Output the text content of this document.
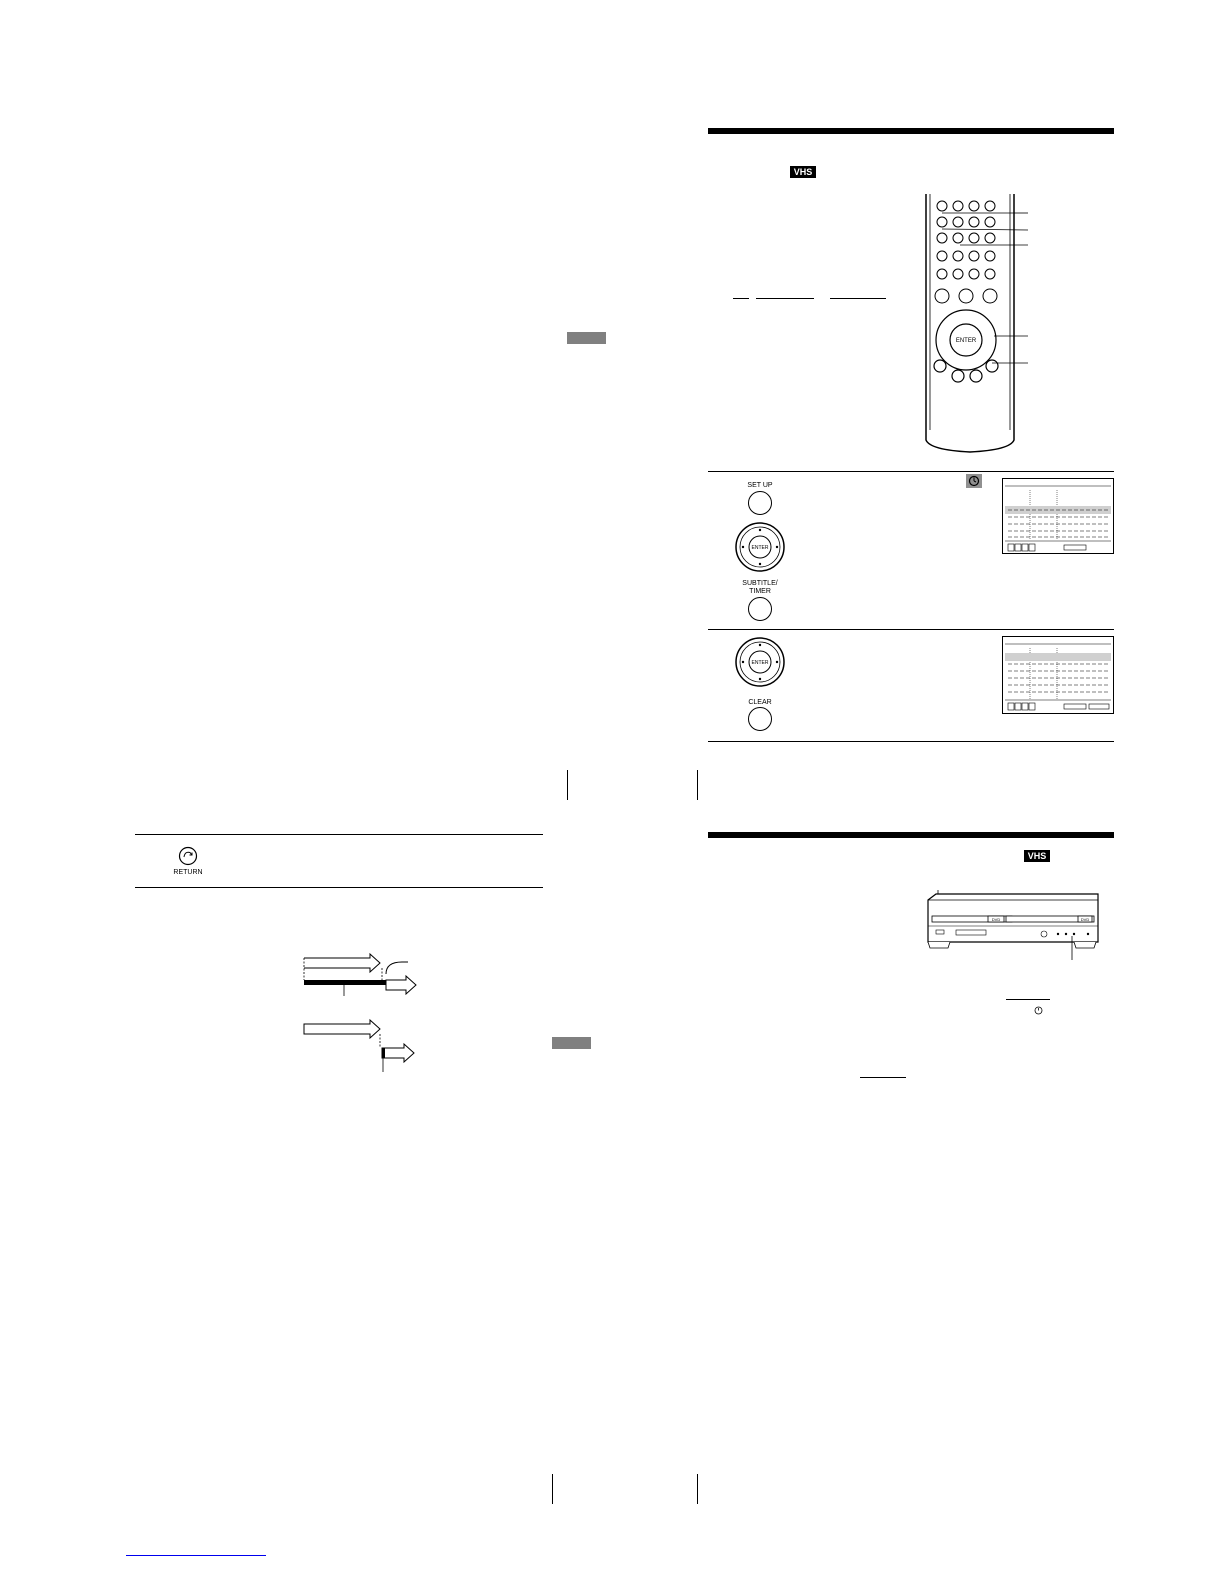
VHS
ENTER
SET UP
ENTER
SUBTITLE/
TIMER
ENTER
CLEAR
VHS
DVD	DVD
RETURN
